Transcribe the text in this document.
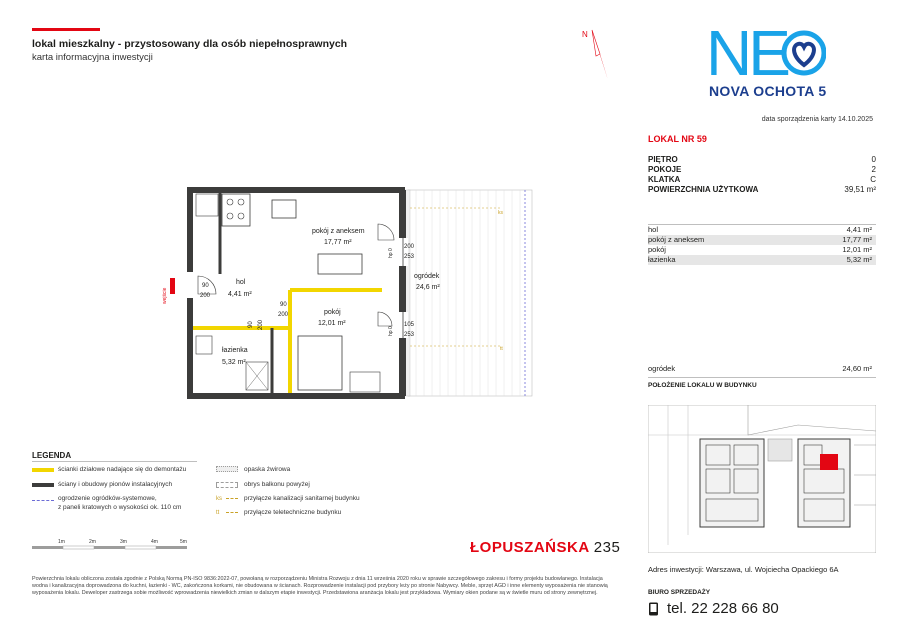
lokal mieszkalny - przystosowany dla osób niepełnosprawnych
karta informacyjna inwestycji
N NE
NOVA OCHOTA 5
data sporządzenia karty 14.10.2025
LOKAL NR 59
PIĘTRO	0
POKOJE	2
KLATKA	C
POWIERZCHNIA UŻYTKOWA	39,51 m²
hol	4,41 m²
pokój z aneksem	17,77 m²
pokój	12,01 m²
łazienka	5,32 m²
ogródek	24,60 m²
POŁOŻENIE LOKALU W BUDYNKU
Adres inwestycji: Warszawa, ul. Wojciecha Opackiego 6A
BIURO SPRZEDAŻY
tel. 22 228 66 80
wejście
pokój z aneksem
17,77 m²
hol
4,41 m²
pokój
12,01 m²
łazienka
5,32 m²
ogródek
24,6 m²
90
200
90
200
90 200
200
253
105
253
hp 0
hp 0
ks
tt
LEGENDA
ścianki działowe nadające się do demontażu
ściany i obudowy pionów instalacyjnych
ogrodzenie ogródków-systemowe,
z paneli kratowych o wysokości ok. 110 cm
opaska żwirowa
obrys balkonu powyżej
ks	przyłącze kanalizacji sanitarnej budynku
tt	przyłącze teletechniczne budynku
1m	2m	3m	4m	5m	ŁOPUSZAŃSKA 235
Powierzchnia lokalu obliczona została zgodnie z Polską Normą PN-ISO 9836:2022-07, powołaną w rozporządzeniu Ministra Rozwoju z dnia 11 września 2020 roku w sprawie szczegółowego zakresu i formy projektu budowlanego. Instalacja wodna i kanalizacyjna doprowadzona do kuchni, łazienki - WC, zakończona korkami, nie obudowana w ścianach. Rozprowadzenie instalacji pod przybory leży po stronie Nabywcy. Meble, sprzęt AGD i inne elementy wyposażenia nie stanowią wyposażenia lokalu. Deweloper zastrzega sobie możliwość wprowadzenia niewielkich zmian w dalszym etapie inwestycji. Przedstawiona aranżacja lokalu jest przykładowa. Wymiary okien podane są w świetle muru od strony zewnętrznej.
